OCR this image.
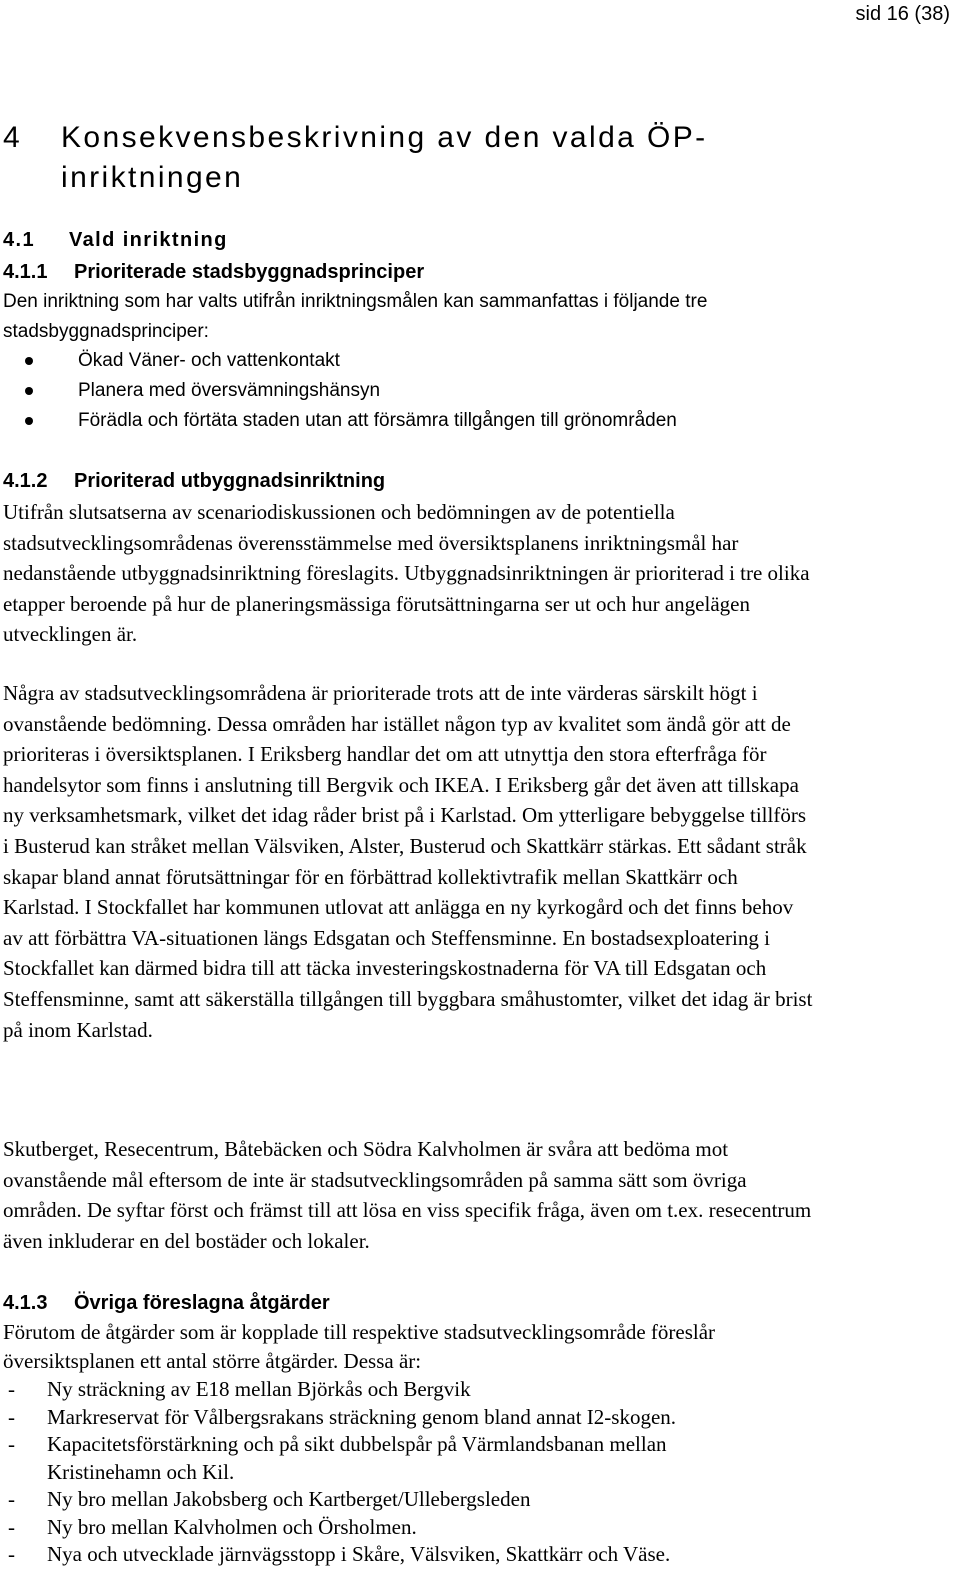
sid 16 (38)
4 Konsekvensbeskrivning av den valda ÖP-
inriktningen
4.1 Vald inriktning
4.1.1 Prioriterade stadsbyggnadsprinciper
Den inriktning som har valts utifrån inriktningsmålen kan sammanfattas i följande tre stadsbyggnadsprinciper:
Ökad Väner- och vattenkontakt
Planera med översvämningshänsyn
Förädla och förtäta staden utan att försämra tillgången till grönområden
4.1.2 Prioriterad utbyggnadsinriktning
Utifrån slutsatserna av scenariodiskussionen och bedömningen av de potentiella stadsutvecklingsområdenas överensstämmelse med översiktsplanens inriktningsmål har nedanstående utbyggnadsinriktning föreslagits. Utbyggnadsinriktningen är prioriterad i tre olika etapper beroende på hur de planeringsmässiga förutsättningarna ser ut och hur angelägen utvecklingen är.
Några av stadsutvecklingsområdena är prioriterade trots att de inte värderas särskilt högt i ovanstående bedömning. Dessa områden har istället någon typ av kvalitet som ändå gör att de prioriteras i översiktsplanen. I Eriksberg handlar det om att utnyttja den stora efterfråga för handelsytor som finns i anslutning till Bergvik och IKEA. I Eriksberg går det även att tillskapa ny verksamhetsmark, vilket det idag råder brist på i Karlstad. Om ytterligare bebyggelse tillförs i Busterud kan stråket mellan Välsviken, Alster, Busterud och Skattkärr stärkas. Ett sådant stråk skapar bland annat förutsättningar för en förbättrad kollektivtrafik mellan Skattkärr och Karlstad. I Stockfallet har kommunen utlovat att anlägga en ny kyrkogård och det finns behov av att förbättra VA-situationen längs Edsgatan och Steffensminne. En bostadsexploatering i Stockfallet kan därmed bidra till att täcka investeringskostnaderna för VA till Edsgatan och Steffensminne, samt att säkerställa tillgången till byggbara småhustomter, vilket det idag är brist på inom Karlstad.
Skutberget, Resecentrum, Båtebäcken och Södra Kalvholmen är svåra att bedöma mot ovanstående mål eftersom de inte är stadsutvecklingsområden på samma sätt som övriga områden. De syftar först och främst till att lösa en viss specifik fråga, även om t.ex. resecentrum även inkluderar en del bostäder och lokaler.
4.1.3 Övriga föreslagna åtgärder
Förutom de åtgärder som är kopplade till respektive stadsutvecklingsområde föreslår översiktsplanen ett antal större åtgärder. Dessa är:
- Ny sträckning av E18 mellan Björkås och Bergvik
- Markreservat för Vålbergsrakans sträckning genom bland annat I2-skogen.
- Kapacitetsförstärkning och på sikt dubbelspår på Värmlandsbanan mellan
Kristinehamn och Kil.
- Ny bro mellan Jakobsberg och Kartberget/Ullebergsleden
- Ny bro mellan Kalvholmen och Örsholmen.
- Nya och utvecklade järnvägsstopp i Skåre, Välsviken, Skattkärr och Väse.
